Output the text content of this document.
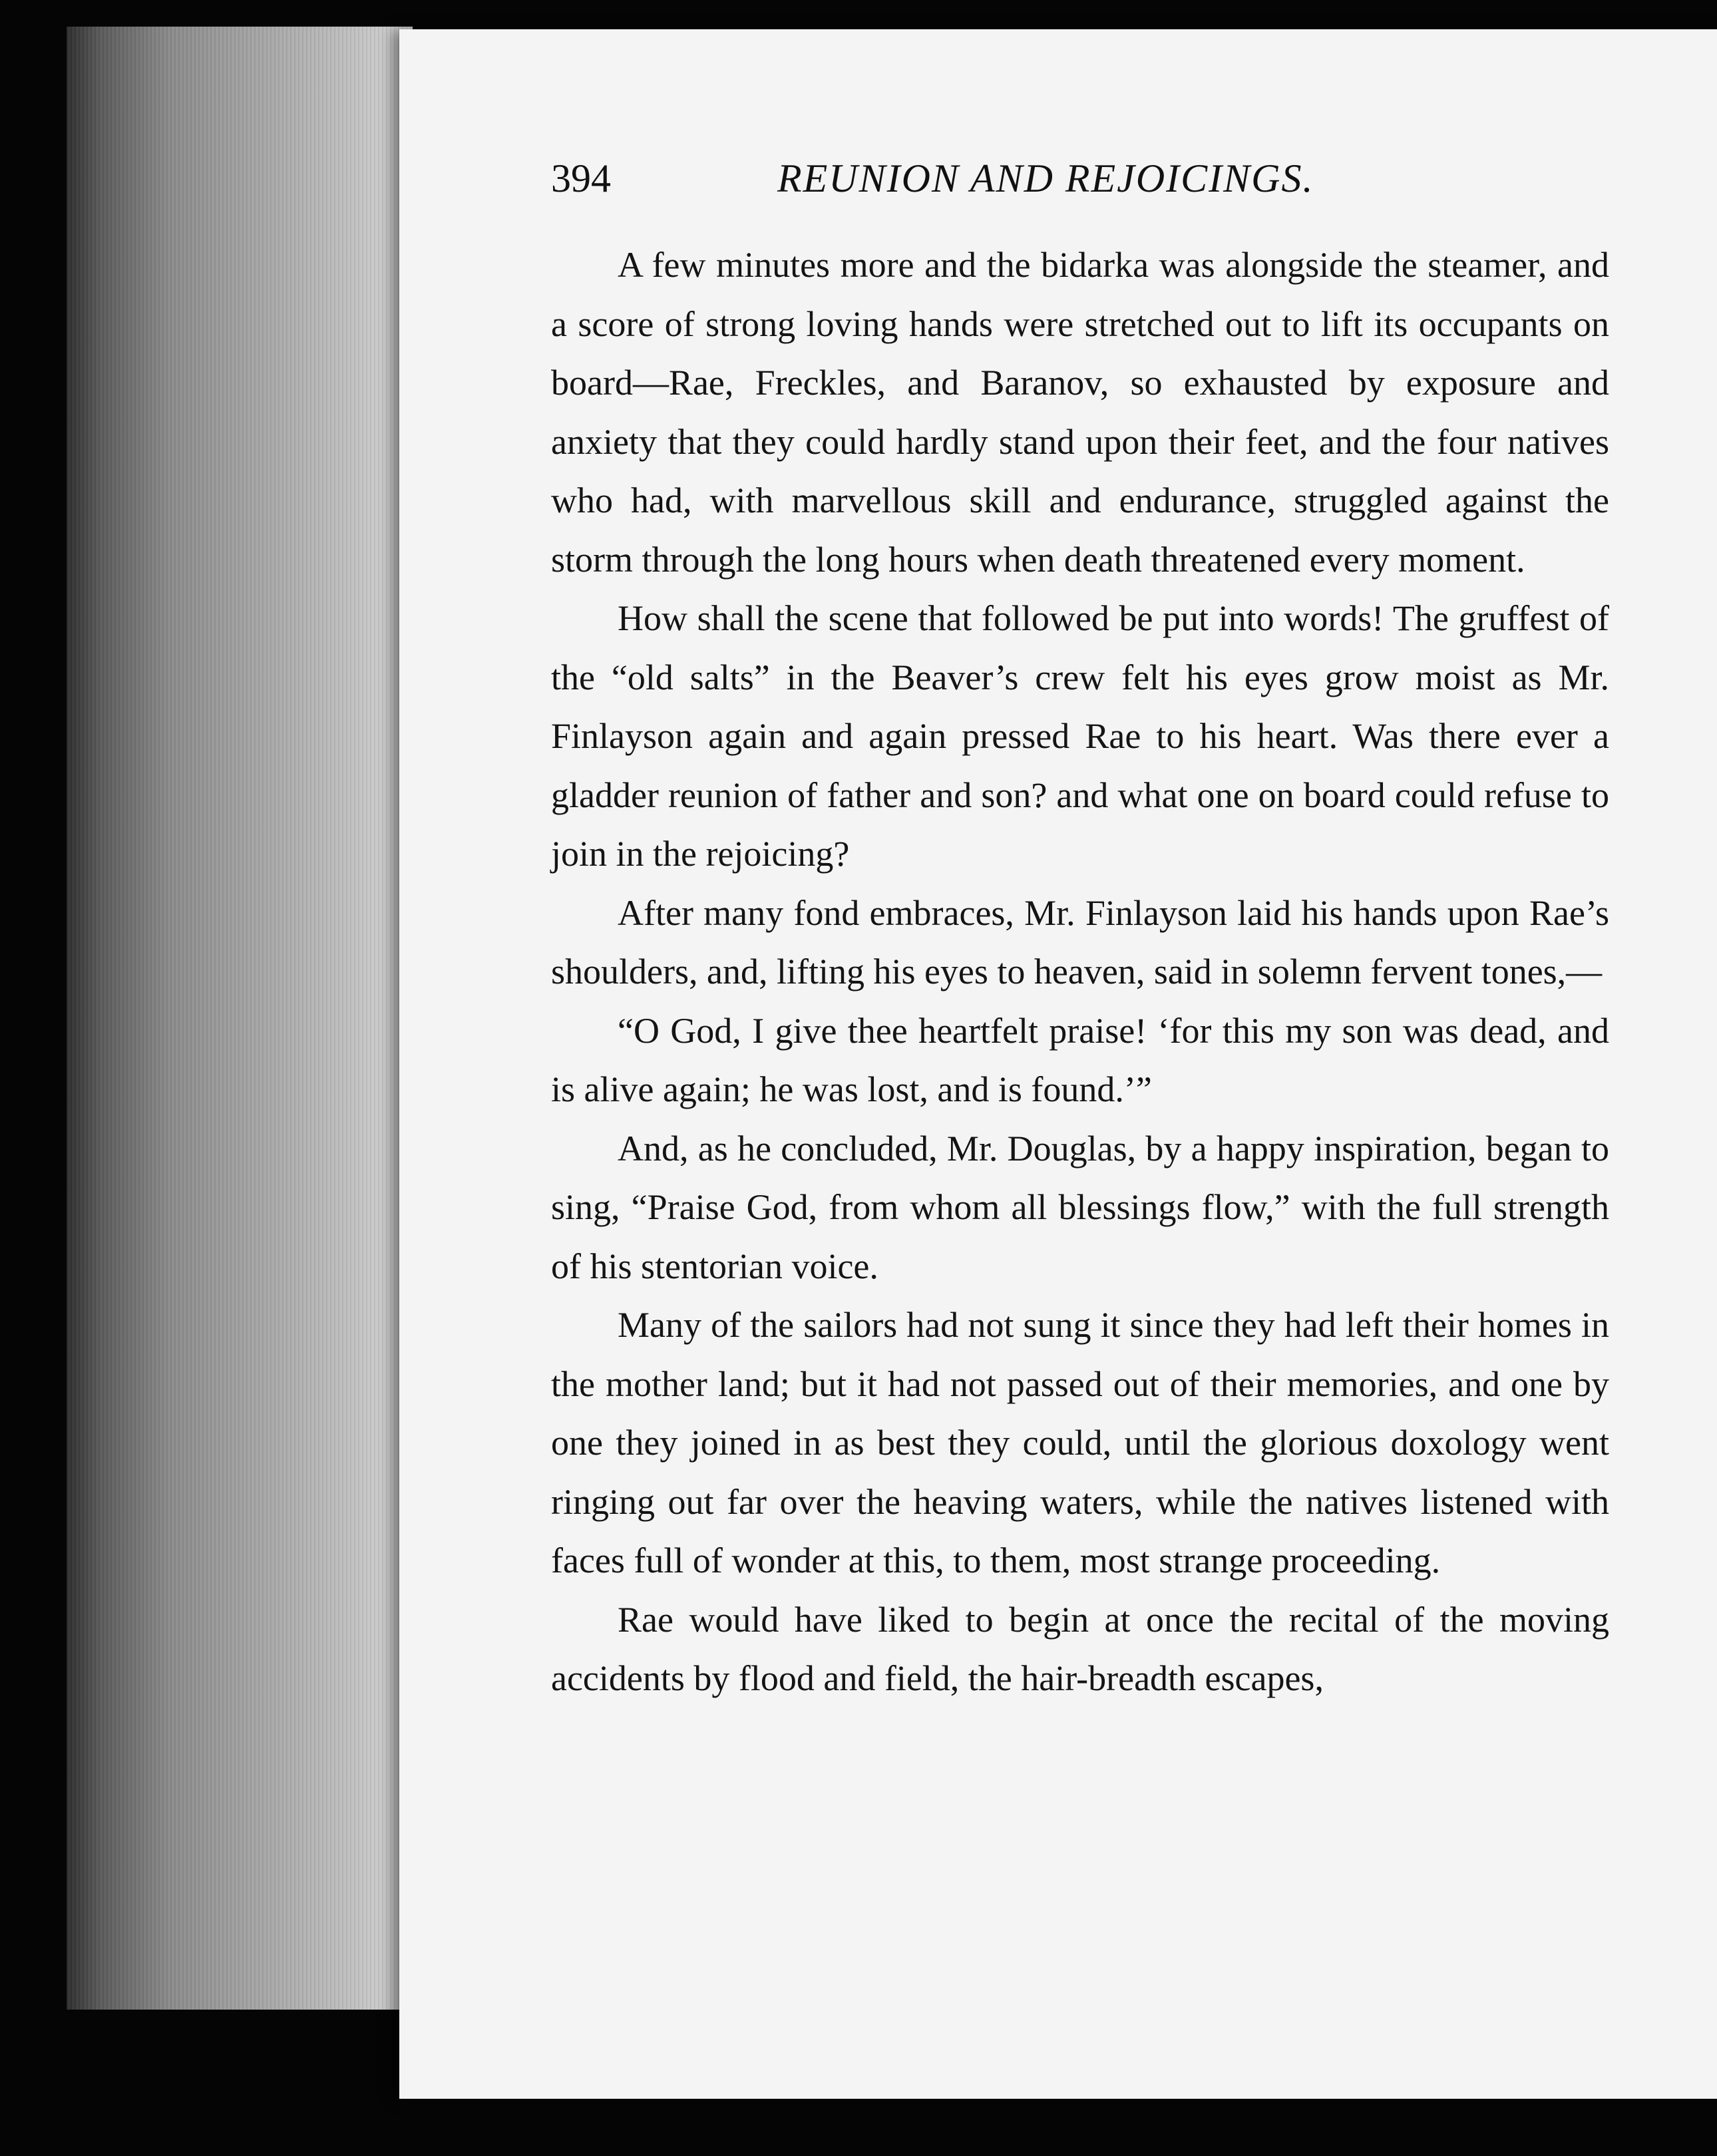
394	REUNION AND REJOICINGS.

A few minutes more and the bidarka was alongside the steamer, and a score of strong loving hands were stretched out to lift its occupants on board—Rae, Freckles, and Baranov, so exhausted by exposure and anxiety that they could hardly stand upon their feet, and the four natives who had, with marvellous skill and endurance, struggled against the storm through the long hours when death threatened every moment.

How shall the scene that followed be put into words! The gruffest of the “old salts” in the Beaver’s crew felt his eyes grow moist as Mr. Finlayson again and again pressed Rae to his heart. Was there ever a gladder reunion of father and son? and what one on board could refuse to join in the rejoicing?

After many fond embraces, Mr. Finlayson laid his hands upon Rae’s shoulders, and, lifting his eyes to heaven, said in solemn fervent tones,—

“O God, I give thee heartfelt praise! ‘for this my son was dead, and is alive again; he was lost, and is found.’”

And, as he concluded, Mr. Douglas, by a happy inspiration, began to sing, “Praise God, from whom all blessings flow,” with the full strength of his stentorian voice.

Many of the sailors had not sung it since they had left their homes in the mother land; but it had not passed out of their memories, and one by one they joined in as best they could, until the glorious doxology went ringing out far over the heaving waters, while the natives listened with faces full of wonder at this, to them, most strange proceeding.

Rae would have liked to begin at once the recital of the moving accidents by flood and field, the hair-breadth escapes,
